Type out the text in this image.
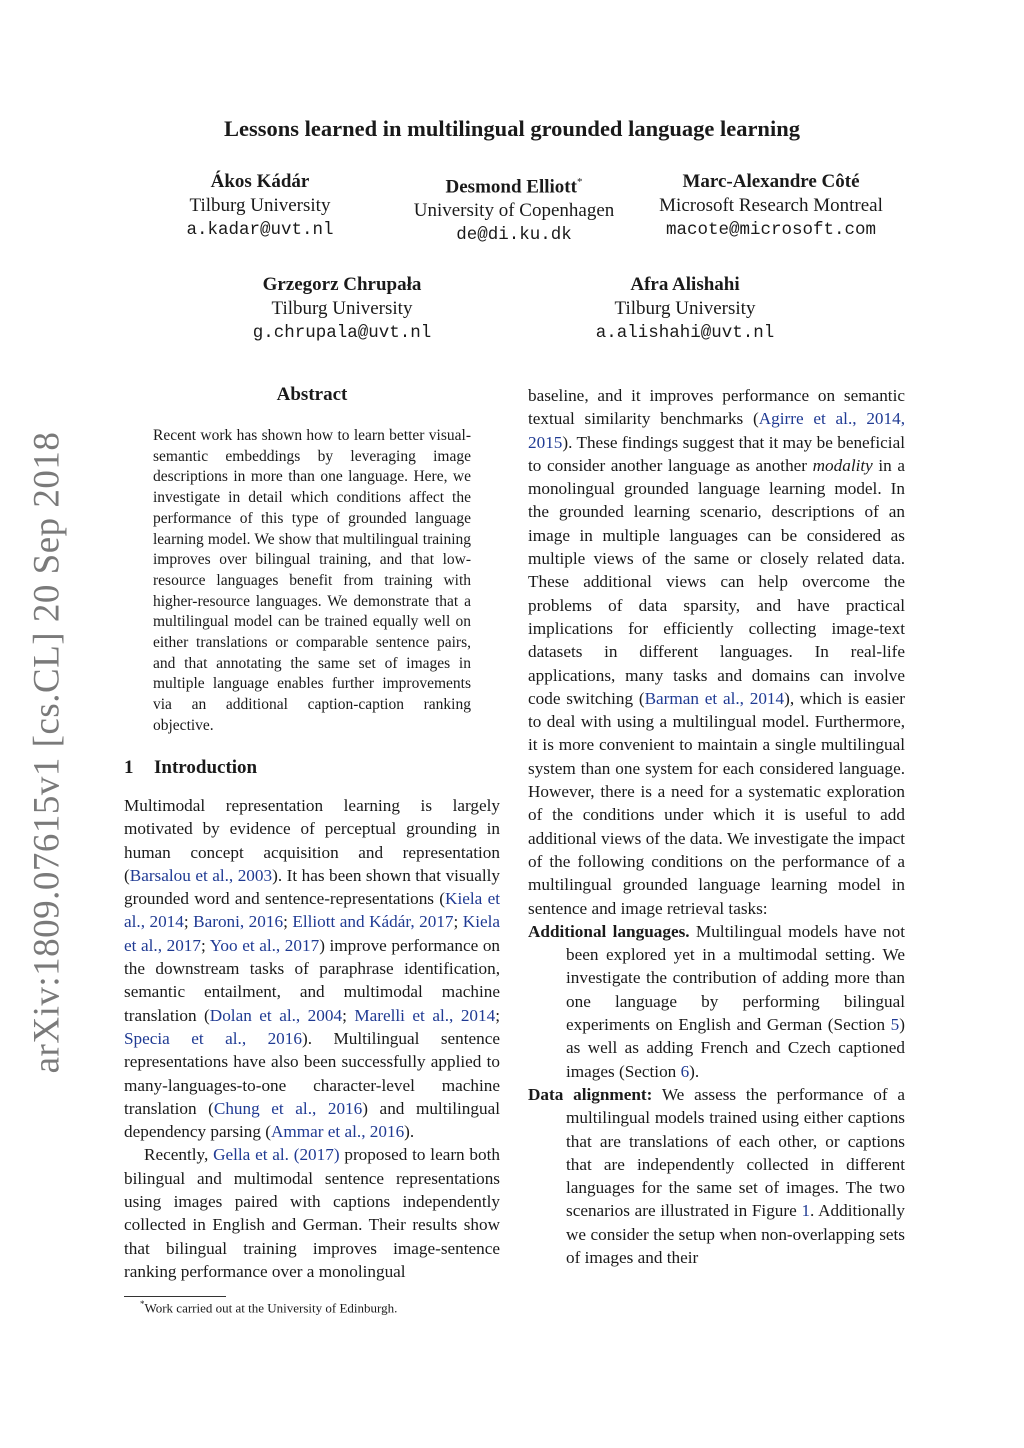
arXiv:1809.07615v1 [cs.CL] 20 Sep 2018
Lessons learned in multilingual grounded language learning
Ákos Kádár
Tilburg University
a.kadar@uvt.nl
Desmond Elliott*
University of Copenhagen
de@di.ku.dk
Marc-Alexandre Côté
Microsoft Research Montreal
macote@microsoft.com
Grzegorz Chrupała
Tilburg University
g.chrupala@uvt.nl
Afra Alishahi
Tilburg University
a.alishahi@uvt.nl
Abstract
Recent work has shown how to learn better visual-semantic embeddings by leveraging image descriptions in more than one language. Here, we investigate in detail which conditions affect the performance of this type of grounded language learning model. We show that multilingual training improves over bilingual training, and that low-resource languages benefit from training with higher-resource languages. We demonstrate that a multilingual model can be trained equally well on either translations or comparable sentence pairs, and that annotating the same set of images in multiple language enables further improvements via an additional caption-caption ranking objective.
1 Introduction

Multimodal representation learning is largely motivated by evidence of perceptual grounding in human concept acquisition and representation (Barsalou et al., 2003). It has been shown that visually grounded word and sentence-representations (Kiela et al., 2014; Baroni, 2016; Elliott and Kádár, 2017; Kiela et al., 2017; Yoo et al., 2017) improve performance on the downstream tasks of paraphrase identification, semantic entailment, and multimodal machine translation (Dolan et al., 2004; Marelli et al., 2014; Specia et al., 2016). Multilingual sentence representations have also been successfully applied to many-languages-to-one character-level machine translation (Chung et al., 2016) and multilingual dependency parsing (Ammar et al., 2016).

Recently, Gella et al. (2017) proposed to learn both bilingual and multimodal sentence representations using images paired with captions independently collected in English and German. Their results show that bilingual training improves image-sentence ranking performance over a monolingual

baseline, and it improves performance on semantic textual similarity benchmarks (Agirre et al., 2014, 2015). These findings suggest that it may be beneficial to consider another language as another modality in a monolingual grounded language learning model. In the grounded learning scenario, descriptions of an image in multiple languages can be considered as multiple views of the same or closely related data. These additional views can help overcome the problems of data sparsity, and have practical implications for efficiently collecting image-text datasets in different languages. In real-life applications, many tasks and domains can involve code switching (Barman et al., 2014), which is easier to deal with using a multilingual model. Furthermore, it is more convenient to maintain a single multilingual system than one system for each considered language. However, there is a need for a systematic exploration of the conditions under which it is useful to add additional views of the data. We investigate the impact of the following conditions on the performance of a multilingual grounded language learning model in sentence and image retrieval tasks:

Additional languages. Multilingual models have not been explored yet in a multimodal setting. We investigate the contribution of adding more than one language by performing bilingual experiments on English and German (Section 5) as well as adding French and Czech captioned images (Section 6).

Data alignment: We assess the performance of a multilingual models trained using either captions that are translations of each other, or captions that are independently collected in different languages for the same set of images. The two scenarios are illustrated in Figure 1. Additionally we consider the setup when non-overlapping sets of images and their

*Work carried out at the University of Edinburgh.
